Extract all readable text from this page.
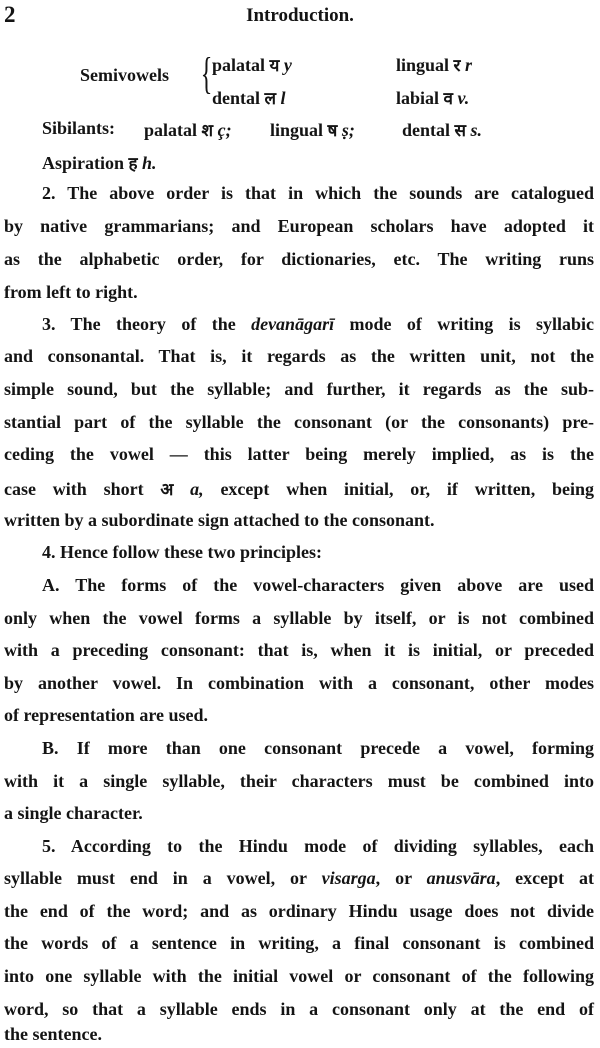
2	Introduction.
Semivowels { palatal य y	lingual र r
dental ल l	labial व v.
Sibilants: palatal श ç; lingual ष ṣ;	dental स s.
Aspiration ह h.
2. The above order is that in which the sounds are catalogued
by native grammarians; and European scholars have adopted it
as the alphabetic order, for dictionaries, etc. The writing runs
from left to right.
3. The theory of the devanāgarī mode of writing is syllabic
and consonantal. That is, it regards as the written unit, not the
simple sound, but the syllable; and further, it regards as the sub-
stantial part of the syllable the consonant (or the consonants) pre-
ceding the vowel — this latter being merely implied, as is the
case with short अ a, except when initial, or, if written, being
written by a subordinate sign attached to the consonant.
4. Hence follow these two principles:
A. The forms of the vowel-characters given above are used
only when the vowel forms a syllable by itself, or is not combined
with a preceding consonant: that is, when it is initial, or preceded
by another vowel. In combination with a consonant, other modes
of representation are used.
B. If more than one consonant precede a vowel, forming
with it a single syllable, their characters must be combined into
a single character.
5. According to the Hindu mode of dividing syllables, each
syllable must end in a vowel, or visarga, or anusvāra, except at
the end of the word; and as ordinary Hindu usage does not divide
the words of a sentence in writing, a final consonant is combined
into one syllable with the initial vowel or consonant of the following
word, so that a syllable ends in a consonant only at the end of
the sentence.
